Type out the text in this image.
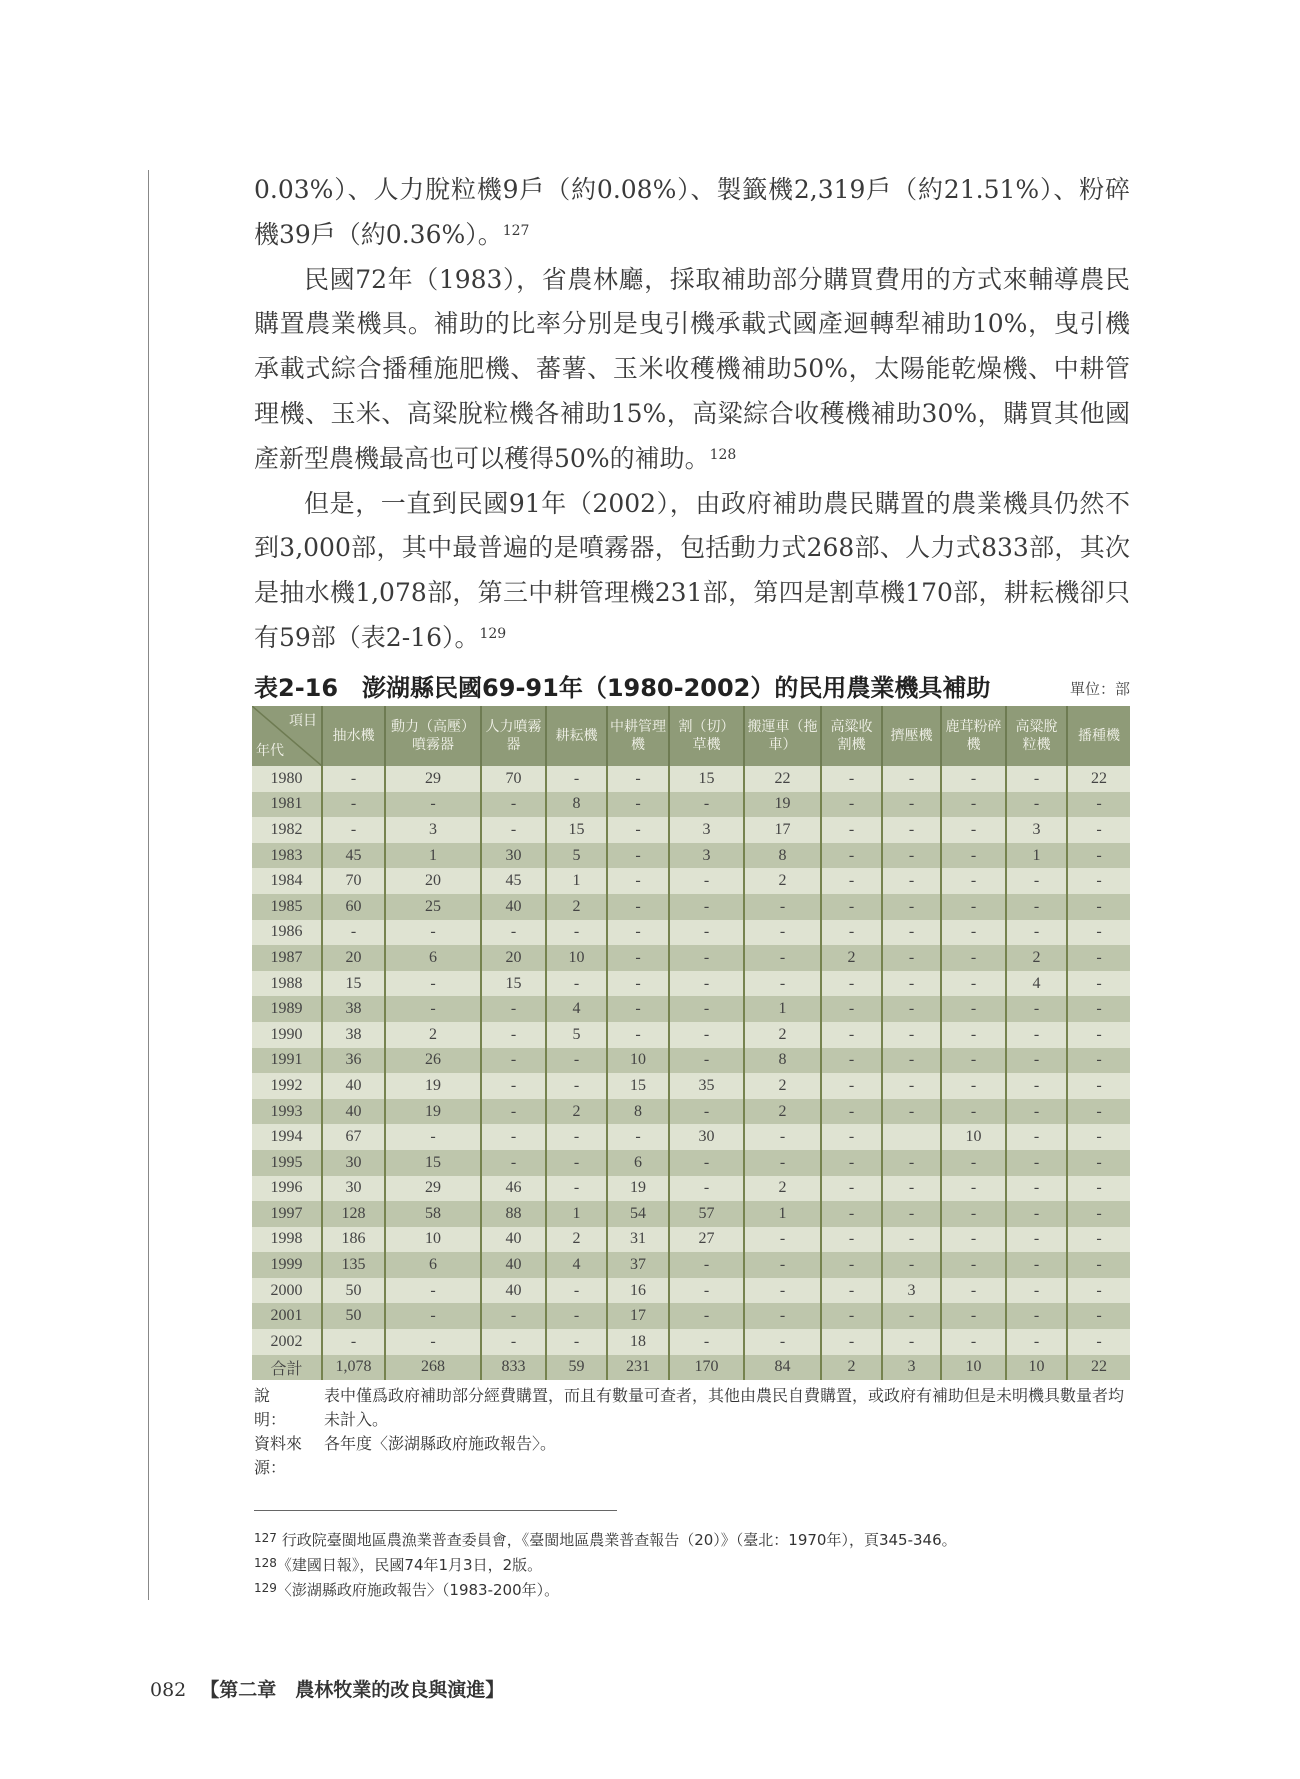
0.03%）、人力脫粒機9戶（約0.08%）、製籤機2,319戶（約21.51%）、粉碎機39戶（約0.36%）。$^{127}$

民國72年（1983），省農林廳，採取補助部分購買費用的方式來輔導農民購置農業機具。補助的比率分別是曳引機承載式國產迴轉犁補助10%，曳引機承載式綜合播種施肥機、蕃薯、玉米收穫機補助50%，太陽能乾燥機、中耕管理機、玉米、高粱脫粒機各補助15%，高粱綜合收穫機補助30%，購買其他國產新型農機最高也可以穫得50%的補助。$^{128}$

但是，一直到民國91年（2002），由政府補助農民購置的農業機具仍然不到3,000部，其中最普遍的是噴霧器，包括動力式268部、人力式833部，其次是抽水機1,078部，第三中耕管理機231部，第四是割草機170部，耕耘機卻只有59部（表2-16）。$^{129}$

表2-16　澎湖縣民國69-91年（1980-2002）的民用農業機具補助	單位：部
項目
年代	抽水機	動力（高壓）噴霧器	人力噴霧器	耕耘機	中耕管理機	割（切）草機	搬運車（拖車）	高粱收割機	擠壓機	鹿茸粉碎機	高粱脫粒機	播種機
1980	-	29	70	-	-	15	22	-	-	-	-	22
1981	-	-	-	8	-	-	19	-	-	-	-	-
1982	-	3	-	15	-	3	17	-	-	-	3	-
1983	45	1	30	5	-	3	8	-	-	-	1	-
1984	70	20	45	1	-	-	2	-	-	-	-	-
1985	60	25	40	2	-	-	-	-	-	-	-	-
1986	-	-	-	-	-	-	-	-	-	-	-	-
1987	20	6	20	10	-	-	-	2	-	-	2	-
1988	15	-	15	-	-	-	-	-	-	-	4	-
1989	38	-	-	4	-	-	1	-	-	-	-	-
1990	38	2	-	5	-	-	2	-	-	-	-	-
1991	36	26	-	-	10	-	8	-	-	-	-	-
1992	40	19	-	-	15	35	2	-	-	-	-	-
1993	40	19	-	2	8	-	2	-	-	-	-	-
1994	67	-	-	-	-	30	-	-		10	-	-
1995	30	15	-	-	6	-	-	-	-	-	-	-
1996	30	29	46	-	19	-	2	-	-	-	-	-
1997	128	58	88	1	54	57	1	-	-	-	-	-
1998	186	10	40	2	31	27	-	-	-	-	-	-
1999	135	6	40	4	37	-	-	-	-	-	-	-
2000	50	-	40	-	16	-	-	-	3	-	-	-
2001	50	-	-	-	17	-	-	-	-	-	-	-
2002	-	-	-	-	18	-	-	-	-	-	-	-
合計	1,078	268	833	59	231	170	84	2	3	10	10	22
說　　明：
表中僅爲政府補助部分經費購置，而且有數量可查者，其他由農民自費購置，或政府有補助但是未明機具數量者均未計入。
資料來源：
各年度〈澎湖縣政府施政報告〉。
$^{127}$ 行政院臺閩地區農漁業普查委員會，《臺閩地區農業普查報告（20）》（臺北：1970年），頁345-346。
$^{128}$《建國日報》，民國74年1月3日，2版。
$^{129}$〈澎湖縣政府施政報告〉（1983-200年）。
082 【第二章　農林牧業的改良與演進】
